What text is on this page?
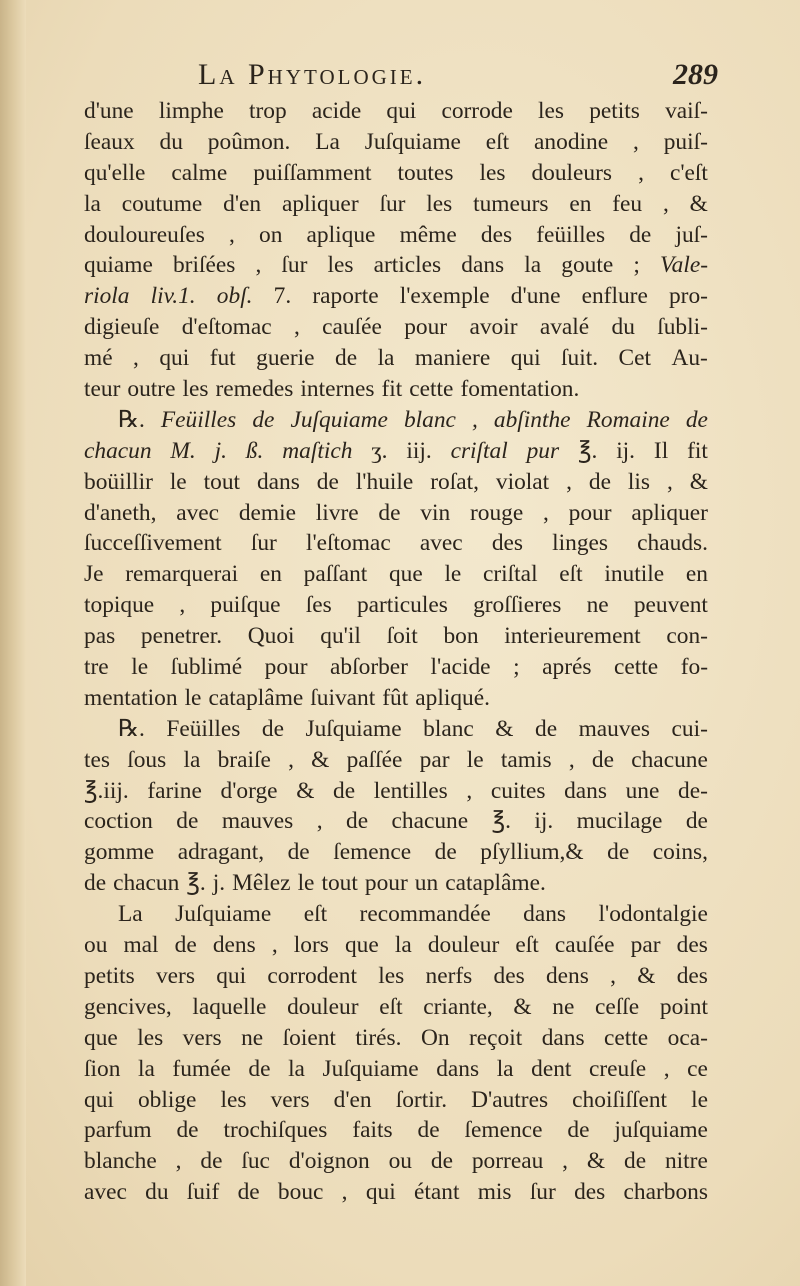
La Phytologie.	289
d'une limphe trop acide qui corrode les petits vaiſ-
ſeaux du poûmon. La Juſquiame eſt anodine , puiſ-
qu'elle calme puiſſamment toutes les douleurs , c'eſt
la coutume d'en apliquer ſur les tumeurs en feu , &
douloureuſes , on aplique même des feüilles de juſ-
quiame briſées , ſur les articles dans la goute ; Vale-
riola liv.1. obſ. 7. raporte l'exemple d'une enflure pro-
digieuſe d'eſtomac , cauſée pour avoir avalé du ſubli-
mé , qui fut guerie de la maniere qui ſuit. Cet Au-
teur outre les remedes internes fit cette fomentation.
℞. Feüilles de Juſquiame blanc , abſinthe Romaine de
chacun M. j. ß. maſtich ʒ. iij. criſtal pur ℥. ij. Il fit
boüillir le tout dans de l'huile roſat, violat , de lis , &
d'aneth, avec demie livre de vin rouge , pour apliquer
ſucceſſivement ſur l'eſtomac avec des linges chauds.
Je remarquerai en paſſant que le criſtal eſt inutile en
topique , puiſque ſes particules groſſieres ne peuvent
pas penetrer. Quoi qu'il ſoit bon interieurement con-
tre le ſublimé pour abſorber l'acide ; aprés cette fo-
mentation le cataplâme ſuivant fût apliqué.
℞. Feüilles de Juſquiame blanc & de mauves cui-
tes ſous la braiſe , & paſſée par le tamis , de chacune
℥.iij. farine d'orge & de lentilles , cuites dans une de-
coction de mauves , de chacune ℥. ij. mucilage de
gomme adragant, de ſemence de pſyllium,& de coins,
de chacun ℥. j. Mêlez le tout pour un cataplâme.
La Juſquiame eſt recommandée dans l'odontalgie
ou mal de dens , lors que la douleur eſt cauſée par des
petits vers qui corrodent les nerfs des dens , & des
gencives, laquelle douleur eſt criante, & ne ceſſe point
que les vers ne ſoient tirés. On reçoit dans cette oca-
ſion la fumée de la Juſquiame dans la dent creuſe , ce
qui oblige les vers d'en ſortir. D'autres choiſiſſent le
parfum de trochiſques faits de ſemence de juſquiame
blanche , de ſuc d'oignon ou de porreau , & de nitre
avec du ſuif de bouc , qui étant mis ſur des charbons
